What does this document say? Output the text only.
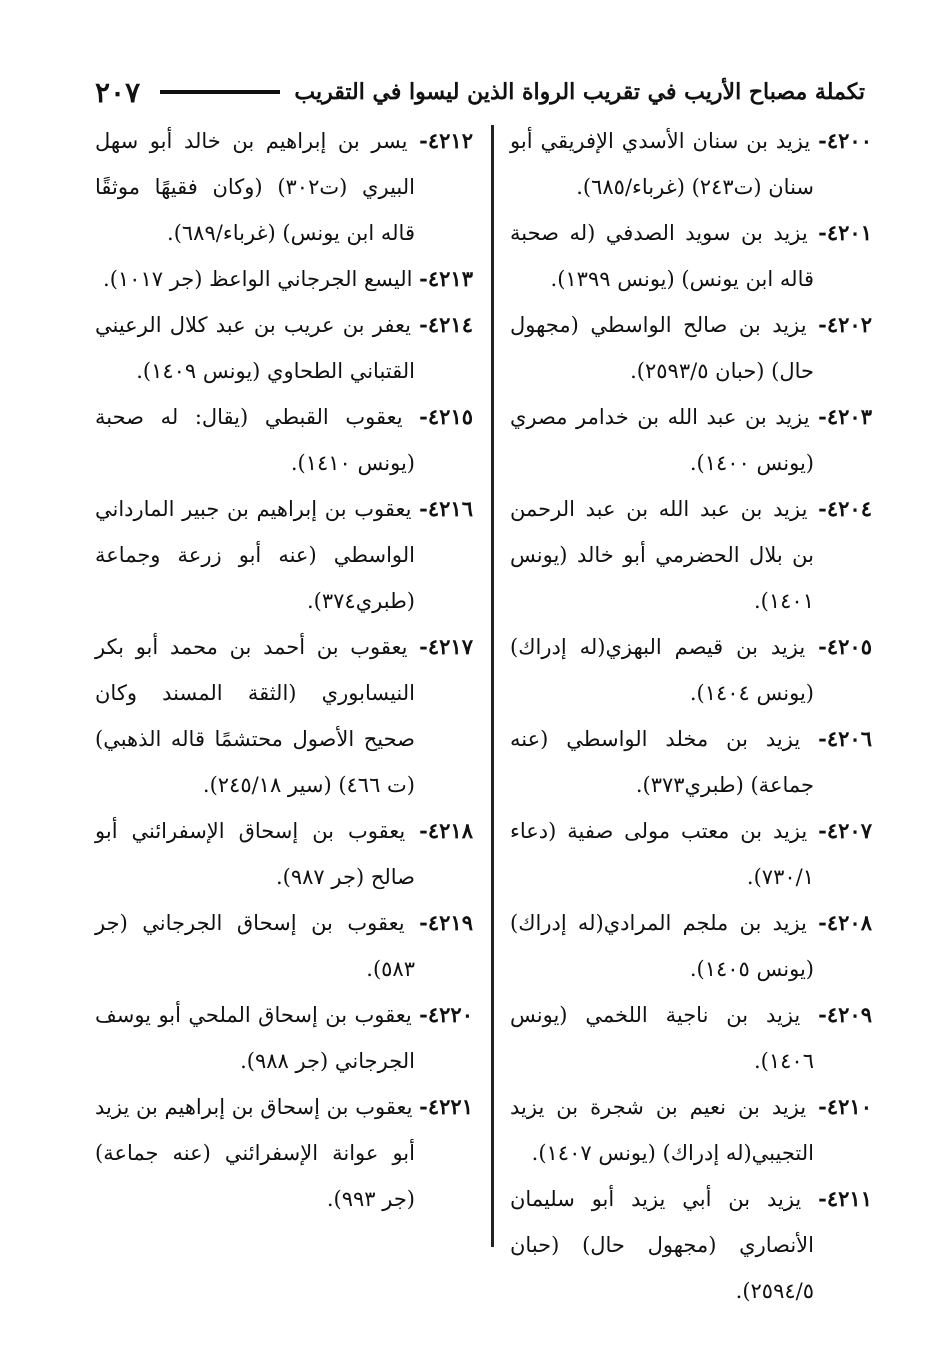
٢٠٧	تكملة مصباح الأريب في تقريب الرواة الذين ليسوا في التقريب

٤٢٠٠- يزيد بن سنان الأسدي الإفريقي أبو سنان (ت٢٤٣) (غرباء/٦٨٥).

٤٢٠١- يزيد بن سويد الصدفي (له صحبة قاله ابن يونس) (يونس ١٣٩٩).

٤٢٠٢- يزيد بن صالح الواسطي (مجهول حال) (حبان ٢٥٩٣/٥).

٤٢٠٣- يزيد بن عبد الله بن خدامر مصري (يونس ١٤٠٠).

٤٢٠٤- يزيد بن عبد الله بن عبد الرحمن بن بلال الحضرمي أبو خالد (يونس ١٤٠١).

٤٢٠٥- يزيد بن قيصم البهزي(له إدراك) (يونس ١٤٠٤).

٤٢٠٦- يزيد بن مخلد الواسطي (عنه جماعة) (طبري٣٧٣).

٤٢٠٧- يزيد بن معتب مولى صفية (دعاء ٧٣٠/١).

٤٢٠٨- يزيد بن ملجم المرادي(له إدراك) (يونس ١٤٠٥).

٤٢٠٩- يزيد بن ناجية اللخمي (يونس ١٤٠٦).

٤٢١٠- يزيد بن نعيم بن شجرة بن يزيد التجيبي(له إدراك) (يونس ١٤٠٧).

٤٢١١- يزيد بن أبي يزيد أبو سليمان الأنصاري (مجهول حال) (حبان ٢٥٩٤/٥).

٤٢١٢- يسر بن إبراهيم بن خالد أبو سهل البيري (ت٣٠٢) (وكان فقيهًا موثقًا قاله ابن يونس) (غرباء/٦٨٩).

٤٢١٣- اليسع الجرجاني الواعظ (جر ١٠١٧).

٤٢١٤- يعفر بن عريب بن عبد كلال الرعيني القتباني الطحاوي (يونس ١٤٠٩).

٤٢١٥- يعقوب القبطي (يقال: له صحبة (يونس ١٤١٠).

٤٢١٦- يعقوب بن إبراهيم بن جبير المارداني الواسطي (عنه أبو زرعة وجماعة (طبري٣٧٤).

٤٢١٧- يعقوب بن أحمد بن محمد أبو بكر النيسابوري (الثقة المسند وكان صحيح الأصول محتشمًا قاله الذهبي) (ت ٤٦٦) (سير ٢٤٥/١٨).

٤٢١٨- يعقوب بن إسحاق الإسفرائني أبو صالح (جر ٩٨٧).

٤٢١٩- يعقوب بن إسحاق الجرجاني (جر ٥٨٣).

٤٢٢٠- يعقوب بن إسحاق الملحي أبو يوسف الجرجاني (جر ٩٨٨).

٤٢٢١- يعقوب بن إسحاق بن إبراهيم بن يزيد أبو عوانة الإسفرائني (عنه جماعة) (جر ٩٩٣).
